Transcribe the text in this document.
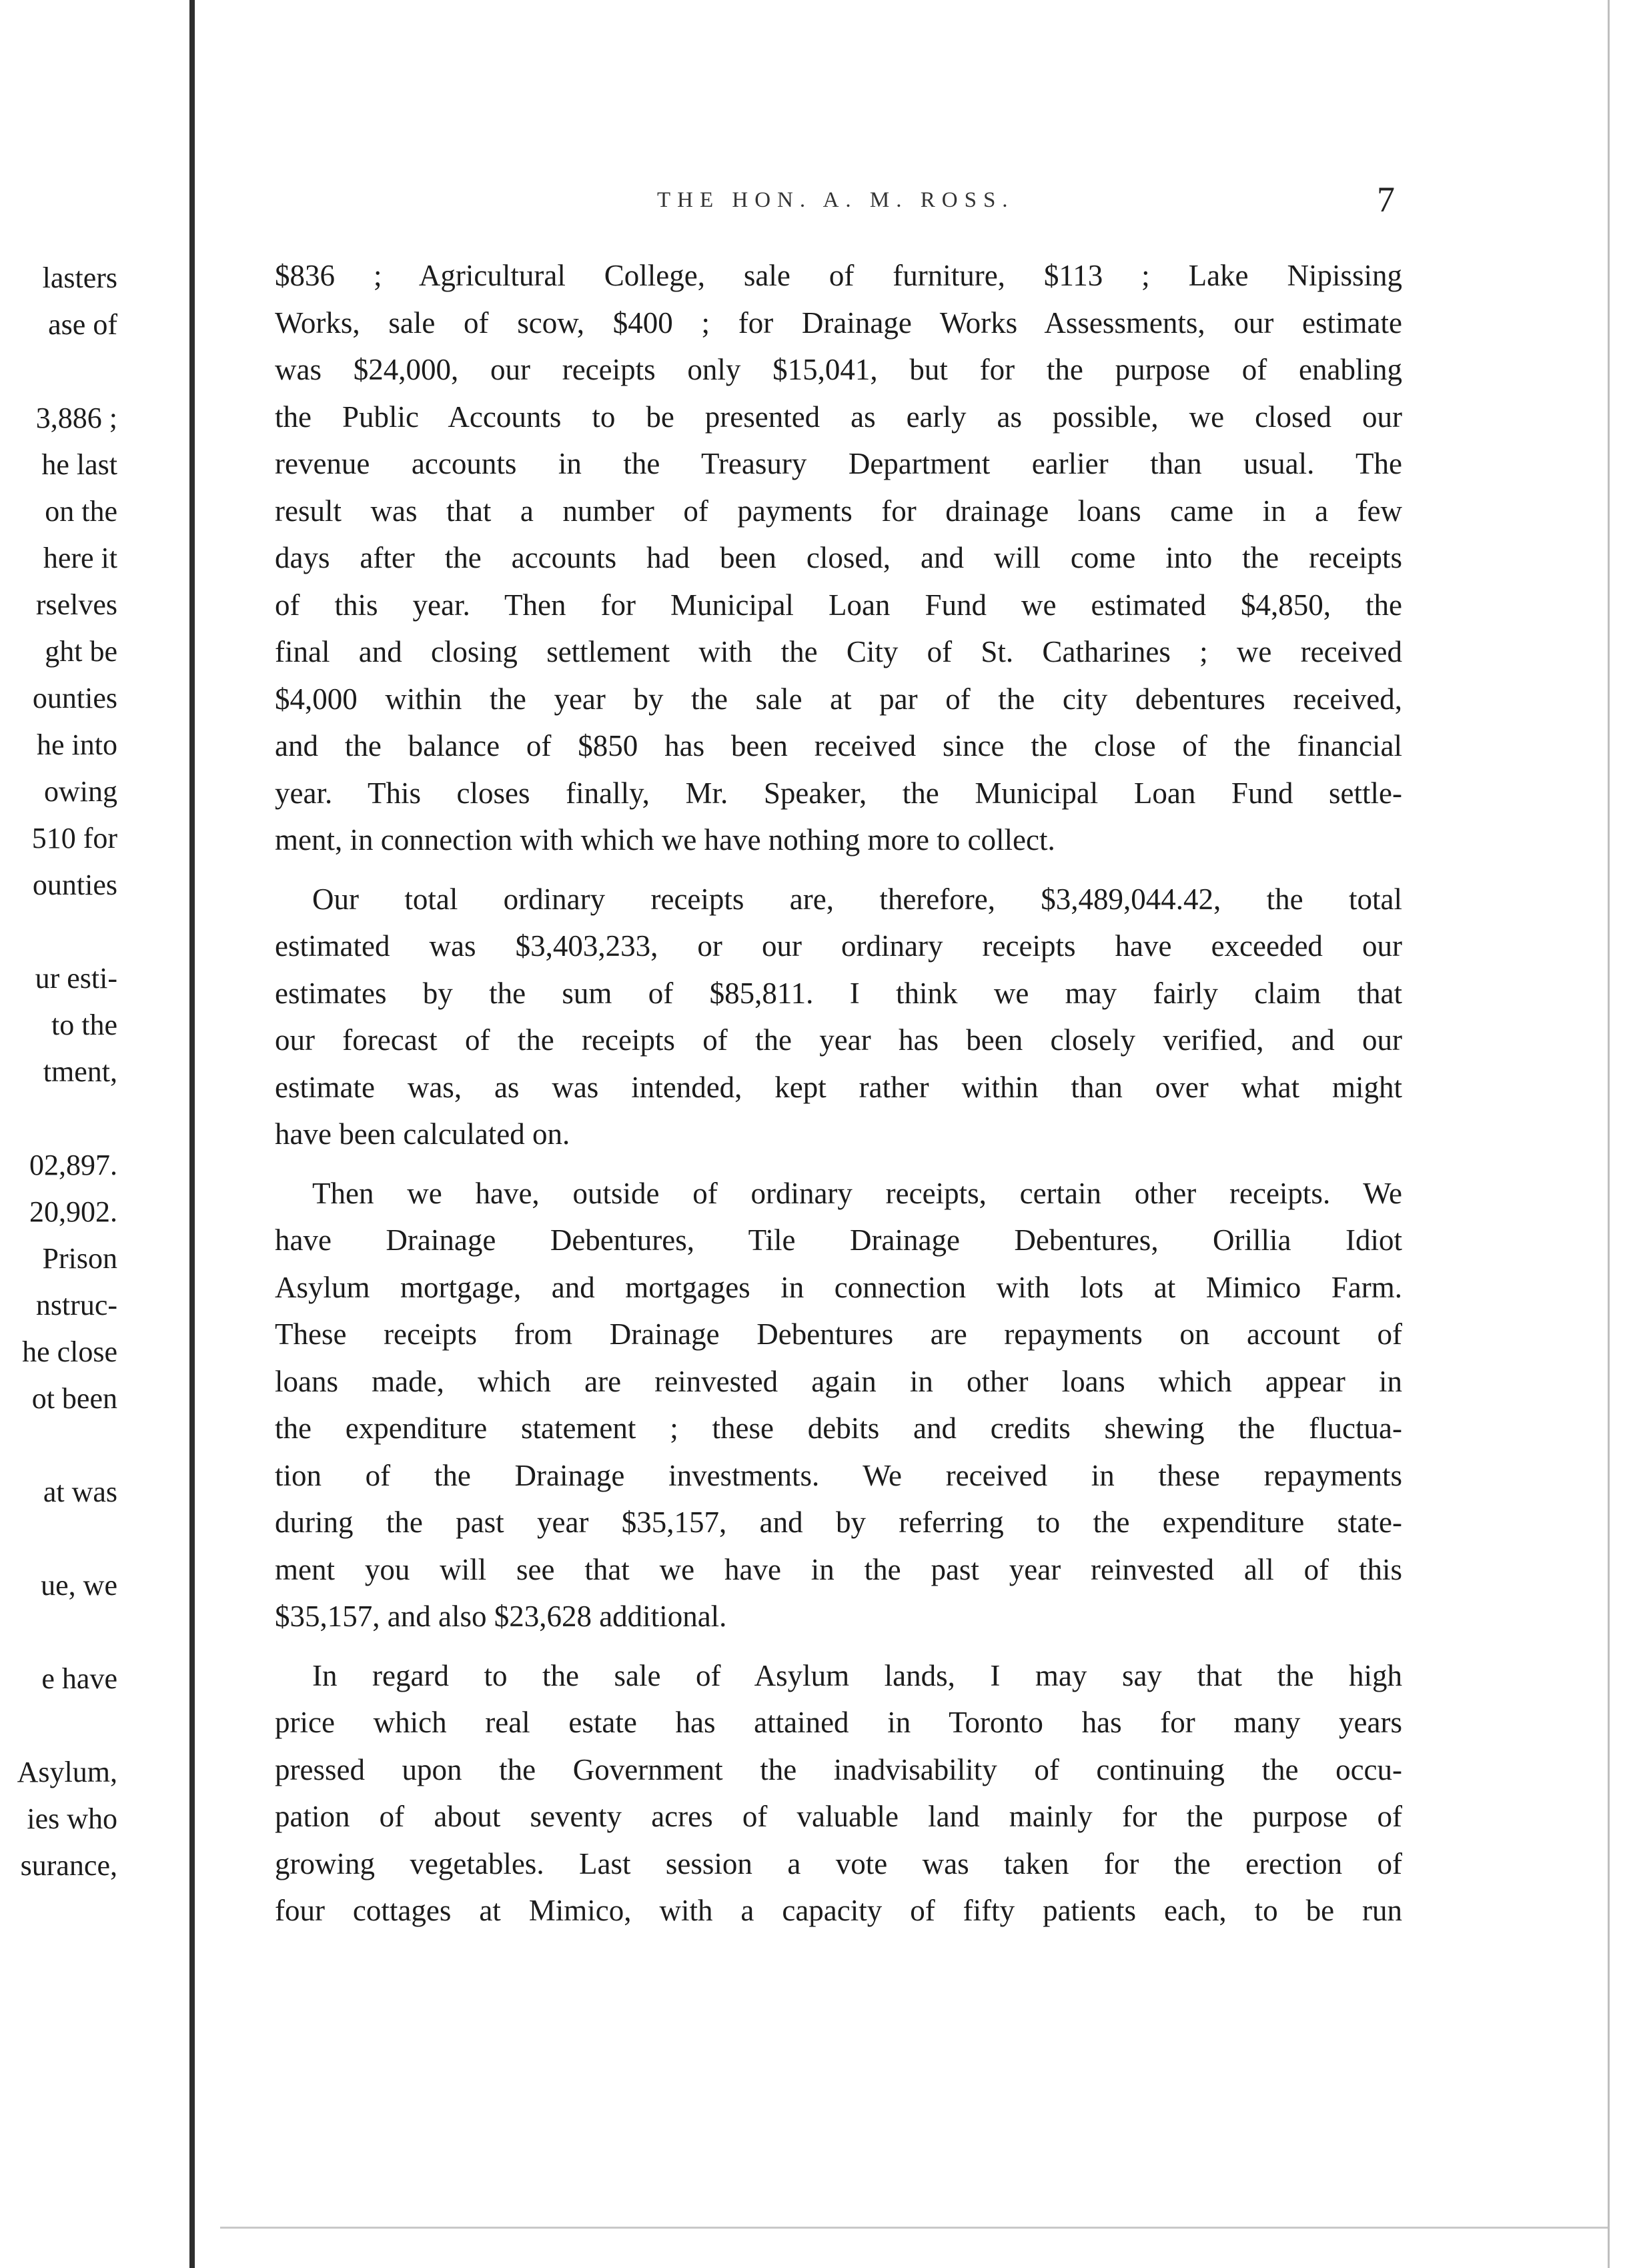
lasters
ase of
3,886 ;
he last
on the
here it
rselves
ght be
ounties
he into
owing
510 for
ounties
ur esti-
to the
tment,
02,897.
20,902.
Prison
nstruc-
he close
ot been
at was
ue, we
e have
Asylum,
ies who
surance,
THE HON. A. M. ROSS.	7
$836 ; Agricultural College, sale of furniture, $113 ; Lake Nipissing
Works, sale of scow, $400 ; for Drainage Works Assessments, our estimate
was $24,000, our receipts only $15,041, but for the purpose of enabling
the Public Accounts to be presented as early as possible, we closed our
revenue accounts in the Treasury Department earlier than usual. The
result was that a number of payments for drainage loans came in a few
days after the accounts had been closed, and will come into the receipts
of this year. Then for Municipal Loan Fund we estimated $4,850, the
final and closing settlement with the City of St. Catharines ; we received
$4,000 within the year by the sale at par of the city debentures received,
and the balance of $850 has been received since the close of the financial
year. This closes finally, Mr. Speaker, the Municipal Loan Fund settle-
ment, in connection with which we have nothing more to collect.
Our total ordinary receipts are, therefore, $3,489,044.42, the total
estimated was $3,403,233, or our ordinary receipts have exceeded our
estimates by the sum of $85,811. I think we may fairly claim that
our forecast of the receipts of the year has been closely verified, and our
estimate was, as was intended, kept rather within than over what might
have been calculated on.
Then we have, outside of ordinary receipts, certain other receipts. We
have Drainage Debentures, Tile Drainage Debentures, Orillia Idiot
Asylum mortgage, and mortgages in connection with lots at Mimico Farm.
These receipts from Drainage Debentures are repayments on account of
loans made, which are reinvested again in other loans which appear in
the expenditure statement ; these debits and credits shewing the fluctua-
tion of the Drainage investments. We received in these repayments
during the past year $35,157, and by referring to the expenditure state-
ment you will see that we have in the past year reinvested all of this
$35,157, and also $23,628 additional.
In regard to the sale of Asylum lands, I may say that the high
price which real estate has attained in Toronto has for many years
pressed upon the Government the inadvisability of continuing the occu-
pation of about seventy acres of valuable land mainly for the purpose of
growing vegetables. Last session a vote was taken for the erection of
four cottages at Mimico, with a capacity of fifty patients each, to be run
